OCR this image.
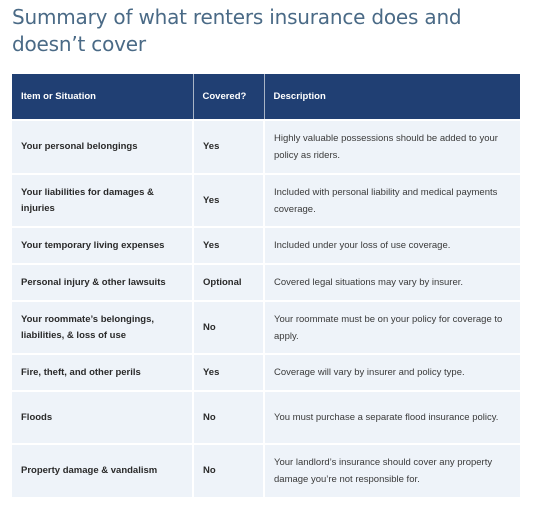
Summary of what renters insurance does and doesn’t cover
Item or Situation	Covered?	Description
Your personal belongings	Yes	Highly valuable possessions should be added to your policy as riders.
Your liabilities for damages & injuries	Yes	Included with personal liability and medical payments coverage.
Your temporary living expenses	Yes	Included under your loss of use coverage.
Personal injury & other lawsuits	Optional	Covered legal situations may vary by insurer.
Your roommate’s belongings, liabilities, & loss of use	No	Your roommate must be on your policy for coverage to apply.
Fire, theft, and other perils	Yes	Coverage will vary by insurer and policy type.
Floods	No	You must purchase a separate flood insurance policy.
Property damage & vandalism	No	Your landlord’s insurance should cover any property damage you’re not responsible for.
